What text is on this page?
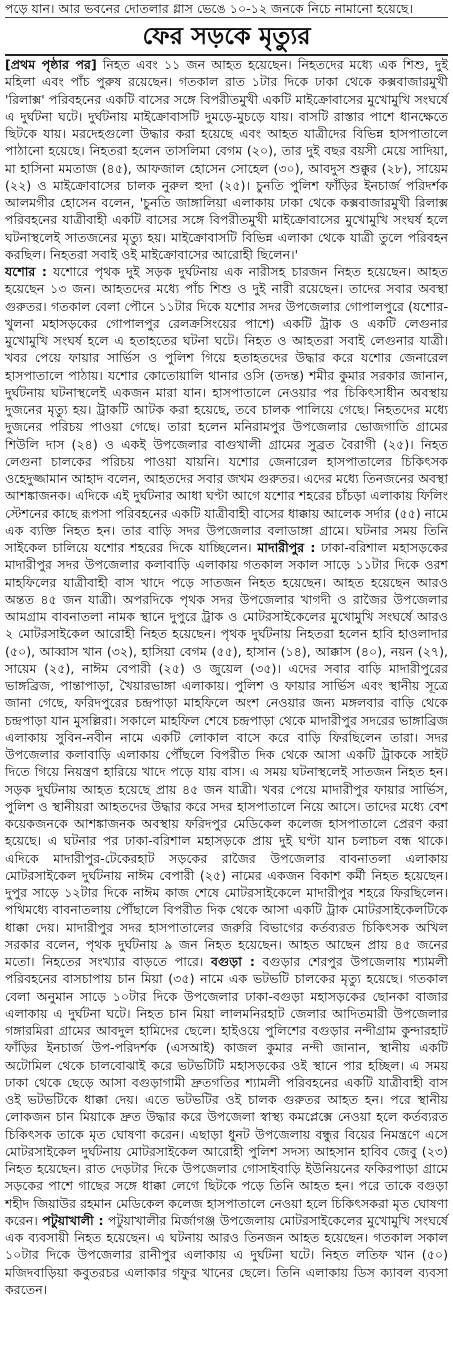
পড়ে যান। আর ভবনের দোতলার গ্লাস ভেঙে ১০-১২ জনকে নিচে নামানো হয়েছে।
ফের সড়কে মৃত্যুর

[প্রথম পৃষ্ঠার পর] নিহত এবং ১১ জন আহত হয়েছেন। নিহতদের মধ্যে এক শিশু, দুই মহিলা এবং পাঁচ পুরুষ রয়েছেন। গতকাল রাত ১টার দিকে ঢাকা থেকে কক্সবাজারমুখী 'রিলাক্স' পরিবহনের একটি বাসের সঙ্গে বিপরীতমুখী একটি মাইক্রোবাসের মুখোমুখি সংঘর্ষে এ দুর্ঘটনা ঘটে। দুর্ঘটনায় মাইক্রোবাসটি দুমড়ে-মুচড়ে যায়। বাসটি রাস্তার পাশে ধানক্ষেতে ছিটকে যায়। মরদেহগুলো উদ্ধার করা হয়েছে এবং আহত যাত্রীদের বিভিন্ন হাসপাতালে পাঠানো হয়েছে। নিহতরা হলেন তাসলিমা বেগম (২০), তার দুই বছর বয়সী মেয়ে সাদিয়া, মা হাসিনা মমতাজ (৪৫), আফজাল হোসেন সোহেল (৩০), আবদুস শুক্কুর (২৮), সায়েম (২২) ও মাইক্রোবাসের চালক নুরুল হুদা (২৫)। চুনতি পুলিশ ফাঁড়ির ইনচার্জ পরিদর্শক আলমগীর হোসেন বলেন, 'চুনতি জাঙ্গালিয়া এলাকায় ঢাকা থেকে কক্সবাজারমুখী রিলাক্স পরিবহনের যাত্রীবাহী একটি বাসের সঙ্গে বিপরীতমুখী মাইক্রোবাসের মুখোমুখি সংঘর্ষ হলে ঘটনাস্থলেই সাতজনের মৃত্যু হয়। মাইক্রোবাসটি বিভিন্ন এলাকা থেকে যাত্রী তুলে পরিবহন করছিল। নিহতরা সবাই ওই মাইক্রোবাসের আরোহী ছিলেন।'

যশোর : যশোরে পৃথক দুই সড়ক দুর্ঘটনায় এক নারীসহ চারজন নিহত হয়েছেন। আহত হয়েছেন ১৩ জন। আহতদের মধ্যে পাঁচ শিশু ও দুই নারী রয়েছেন। তাদের সবার অবস্থা গুরুতর। গতকাল বেলা পৌনে ১১টার দিকে যশোর সদর উপজেলার গোপালপুরে (যশোর-খুলনা মহাসড়কের গোপালপুর রেলক্রসিংয়ের পাশে) একটি ট্রাক ও একটি লেগুনার মুখোমুখি সংঘর্ষ হলে এ হতাহতের ঘটনা ঘটে। নিহত ও আহতরা সবাই লেগুনার যাত্রী। খবর পেয়ে ফায়ার সার্ভিস ও পুলিশ গিয়ে হতাহতদের উদ্ধার করে যশোর জেনারেল হাসপাতালে পাঠায়। যশোর কোতোয়ালি থানার ওসি (তদন্ত) শমীর কুমার সরকার জানান, দুর্ঘটনায় ঘটনাস্থলেই একজন মারা যান। হাসপাতালে নেওয়ার পর চিকিৎসাধীন অবস্থায় দুজনের মৃত্যু হয়। ট্রাকটি আটক করা হয়েছে, তবে চালক পালিয়ে গেছে। নিহতদের মধ্যে দুজনের পরিচয় পাওয়া গেছে। তারা হলেন মনিরামপুর উপজেলার ভোজগাতি গ্রামের শিউলি দাস (২৪) ও একই উপজেলার বাগুখালী গ্রামের সুব্রত বৈরাগী (২৫)। নিহত লেগুনা চালকের পরিচয় পাওয়া যায়নি। যশোর জেনারেল হাসপাতালের চিকিৎসক ওহেদুজ্জামান আহাদ বলেন, আহতদের সবার জখম গুরুতর। এদের মধ্যে তিনজনের অবস্থা আশঙ্কাজনক। এদিকে এই দুর্ঘটনার আধা ঘণ্টা আগে যশোর শহরের চাঁচড়া এলাকায় ফিলিং স্টেশনের কাছে রূপসা পরিবহনের একটি যাত্রীবাহী বাসের ধাক্কায় আলেক সর্দার (৫৫) নামে এক ব্যক্তি নিহত হন। তার বাড়ি সদর উপজেলার বলাডাঙ্গা গ্রামে। ঘটনার সময় তিনি সাইকেল চালিয়ে যশোর শহরের দিকে যাচ্ছিলেন। মাদারীপুর : ঢাকা-বরিশাল মহাসড়কের মাদারীপুর সদর উপজেলার কলাবাড়ি এলাকায় গতকাল সকাল সাড়ে ১১টার দিকে ওরশ মাহফিলের যাত্রীবাহী বাস খাদে পড়ে সাতজন নিহত হয়েছেন। আহত হয়েছেন আরও অন্তত ৪৫ জন যাত্রী। অপরদিকে পৃথক সদর উপজেলার খাগদী ও রাজৈর উপজেলার আমগ্রাম বাবনাতলা নামক স্থানে দুপুরে ট্রাক ও মোটরসাইকেলের মুখোমুখি সংঘর্ষে আরও ২ মোটরসাইকেল আরোহী নিহত হয়েছেন। পৃথক দুর্ঘটনায় নিহতরা হলেন হাবি হাওলাদার (৫০), আব্বাস খান (৩২), হাসিয়া বেগম (৫৫), হাসান (১৪), আক্কাস (৪০), নয়ন (২৭), সায়েম (২৫), নাঈম বেপারী (২৫) ও জুয়েল (৩৫)। এদের সবার বাড়ি মাদারীপুরের ভাঙ্গব্রিজ, পান্তাপাড়া, খৈয়ারভাঙ্গা এলাকায়। পুলিশ ও ফায়ার সার্ভিস এবং স্থানীয় সূত্রে জানা গেছে, ফরিদপুরের চন্দ্রপাড়া মাহফিলে অংশ নেওয়ার জন্য মঙ্গলবার বাড়ি থেকে চন্দ্রপাড়া যান মুসল্লিরা। সকালে মাহফিল শেষে চন্দ্রপাড়া থেকে মাদারীপুর সদরের ভাঙ্গাব্রিজ এলাকায় সুবিন-নবীন নামে একটি লোকাল বাসে করে বাড়ি ফিরছিলেন তারা। সদর উপজেলার কলাবাড়ি এলাকায় পৌঁছলে বিপরীত দিক থেকে আসা একটি ট্রাককে সাইট দিতে গিয়ে নিয়ন্ত্রণ হারিয়ে খাদে পড়ে যায় বাস। এ সময় ঘটনাস্থলেই সাতজন নিহত হন। সড়ক দুর্ঘটনায় আহত হয়েছে প্রায় ৪৫ জন যাত্রী। খবর পেয়ে মাদারীপুর ফায়ার সার্ভিস, পুলিশ ও স্থানীয়রা আহতদের উদ্ধার করে সদর হাসপাতালে নিয়ে আসে। তাদের মধ্যে বেশ কয়েকজনকে আশঙ্কাজনক অবস্থায় ফরিদপুর মেডিকেল কলেজ হাসপাতালে প্রেরণ করা হয়েছে। এ ঘটনার পর ঢাকা-বরিশাল মহাসড়কে প্রায় দুই ঘণ্টা যান চলাচল বন্ধ থাকে। এদিকে মাদারীপুর-টেকেরহাট সড়কের রাজৈর উপজেলার বাবনাতলা এলাকায় মোটরসাইকেল দুর্ঘটনায় নাঈম বেপারী (২৫) নামের একজন বিকাশ কর্মী নিহত হয়েছেন। দুপুর সাড়ে ১২টার দিকে নাঈম কাজ শেষে মোটরসাইকেলে মাদারীপুর শহরে ফিরছিলেন। পথিমধ্যে বাবনাতলায় পৌঁছালে বিপরীত দিক থেকে আসা একটি ট্রাক মোটরসাইকেলটিকে ধাক্কা দেয়। মাদারীপুর সদর হাসপাতালের জরুরি বিভাগের কর্তব্যরত চিকিৎসক অখিল সরকার বলেন, পৃথক দুর্ঘটনায় ৯ জন নিহত হয়েছেন। আহত আছেন প্রায় ৪৫ জনের মতো। নিহতের সংখ্যার বাড়তে পারে। বগুড়া : বগুড়ার শেরপুর উপজেলায় শ্যামলী পরিবহনের বাসচাপায় চান মিয়া (৩৫) নামে এক ভটভটি চালকের মৃত্যু হয়েছে। গতকাল বেলা অনুমান সাড়ে ১০টার দিকে উপজেলার ঢাকা-বগুড়া মহাসড়কের ছোনকা বাজার এলাকায় এ দুর্ঘটনা ঘটে। নিহত চান মিয়া লালমনিরহাট জেলার আদিতমারী উপজেলার গঙ্গারমিরা গ্রামের আবদুল হামিদের ছেলে। হাইওয়ে পুলিশের বগুড়ার নন্দীগ্রাম কুন্দারহাট ফাঁড়ির ইনচার্জ উপ-পরিদর্শক (এসআই) কাজল কুমার নন্দী জানান, স্থানীয় একটি অটোমিল থেকে চালবোঝাই করে ভটভটিটি মহাসড়কের ওই স্থানে পার হচ্ছিল। এ সময় ঢাকা থেকে ছেড়ে আসা বগুড়াগামী দ্রুতগতির শ্যামলী পরিবহনের একটি যাত্রীবাহী বাস ওই ভটভটিকে ধাক্কা দেয়। এতে ভটভটির ওই চালক গুরুতর আহত হন। পরে স্থানীয় লোকজন চান মিয়াকে দ্রুত উদ্ধার করে উপজেলা স্বাস্থ্য কমপ্লেক্সে নেওয়া হলে কর্তব্যরত চিকিৎসক তাকে মৃত ঘোষণা করেন। এছাড়া ধুনট উপজেলায় বন্ধুর বিয়ের নিমন্ত্রণে এসে মোটরসাইকেল দুর্ঘটনায় মোটরসাইকেল আরোহী পুলিশ সদস্য আহসান হাবিব জেবু (২৩) নিহত হয়েছেন। রাত দেড়টার দিকে উপজেলার গোসাইবাড়ি ইউনিয়নের ফকিরপাড়া গ্রামে সড়কের পাশে গাছের সঙ্গে ধাক্কা লেগে ছিটকে পড়ে তিনি আহত হন। পরে তাকে বগুড়া শহীদ জিয়াউর রহমান মেডিকেল কলেজ হাসপাতালে নেওয়া হলে চিকিৎসকরা মৃত ঘোষণা করেন। পটুয়াখালী : পটুয়াখালীর মির্জাগঞ্জ উপজেলায় মোটরসাইকেলের মুখোমুখি সংঘর্ষে এক ব্যবসায়ী নিহত হয়েছেন। এ ঘটনায় আরও তিনজন আহত হয়েছেন। গতকাল সকাল ১০টার দিকে উপজেলার রানীপুর এলাকায় এ দুর্ঘটনা ঘটে। নিহত লতিফ খান (৫০) মজিদবাড়িয়া কবুতরচর এলাকার গফুর খানের ছেলে। তিনি এলাকায় ডিস ক্যাবল ব্যবসা করতেন।
